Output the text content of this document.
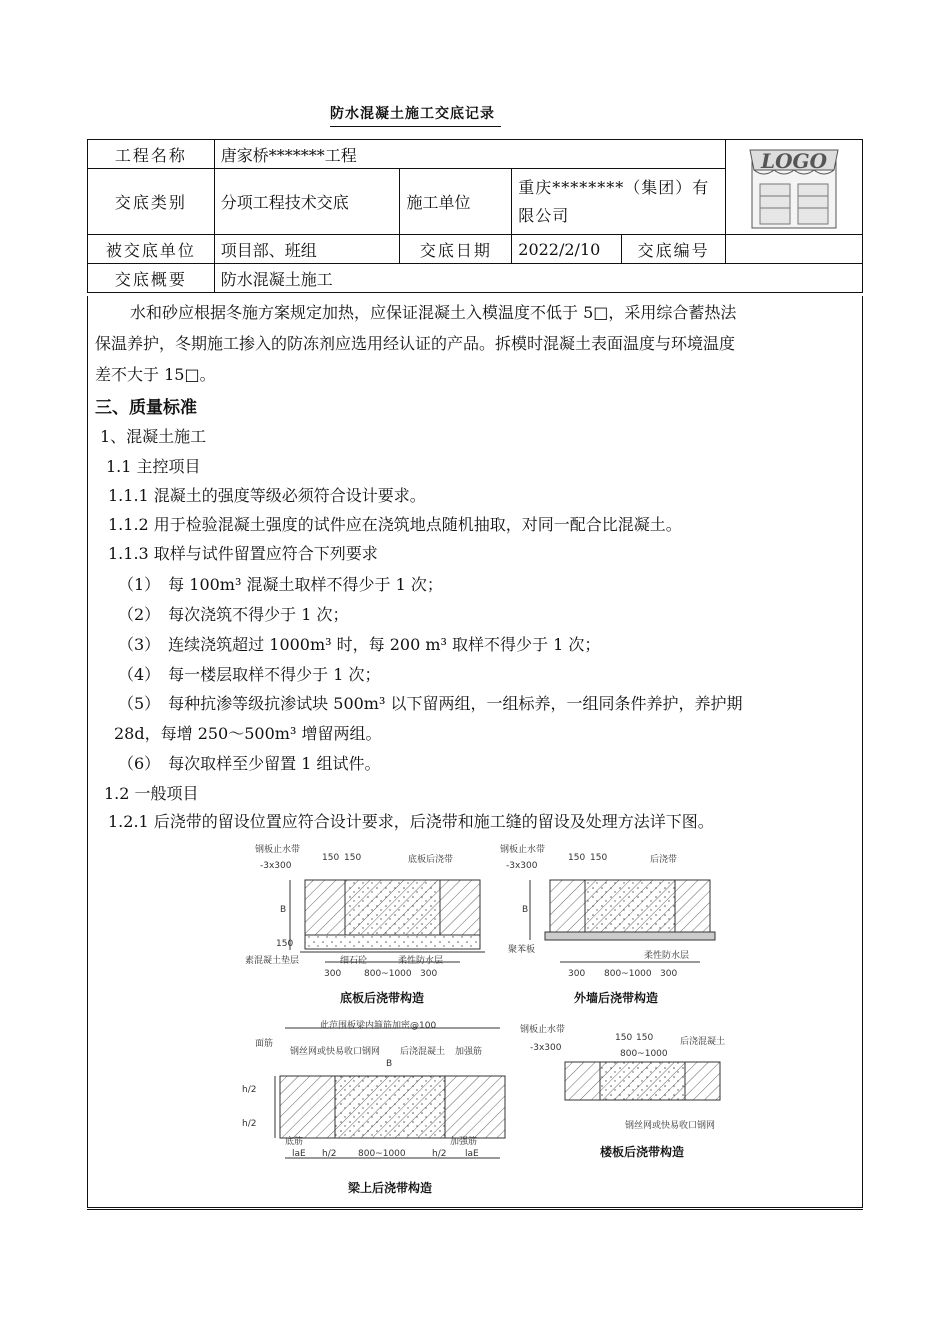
防水混凝土施工交底记录
工程名称	唐家桥*******工程				LOGO

交底类别	分项工程技术交底	施工单位	重庆********（集团）有
限公司		

被交底单位	项目部、班组	交底日期	2022/2/10	交底编号	
交底概要	防水混凝土施工				
水和砂应根据冬施方案规定加热，应保证混凝土入模温度不低于 5□，采用综合蓄热法
保温养护，冬期施工掺入的防冻剂应选用经认证的产品。拆模时混凝土表面温度与环境温度
差不大于 15□。
三、质量标准
1、混凝土施工
1.1 主控项目
1.1.1 混凝土的强度等级必须符合设计要求。
1.1.2 用于检验混凝土强度的试件应在浇筑地点随机抽取，对同一配合比混凝土。
1.1.3 取样与试件留置应符合下列要求
（1）　每 100m³ 混凝土取样不得少于 1 次；
（2）　每次浇筑不得少于 1 次；
（3）　连续浇筑超过 1000m³ 时，每 200 m³ 取样不得少于 1 次；
（4）　每一楼层取样不得少于 1 次；
（5）　每种抗渗等级抗渗试块 500m³ 以下留两组，一组标养，一组同条件养护，养护期
28d，每增 250～500m³ 增留两组。
（6）　每次取样至少留置 1 组试件。
1.2 一般项目
1.2.1 后浇带的留设位置应符合设计要求，后浇带和施工缝的留设及处理方法详下图。
钢板止水带
-3x300
150 150	底板后浇带
B
150
素混凝土垫层	细石砼	柔性防水层
300	800~1000 300
底板后浇带构造
钢板止水带
-3x300
150 150	后浇带
B
聚苯板
柔性防水层
300 800~1000 300
外墙后浇带构造
此范围板梁内箍筋加密@100
面筋
钢丝网或快易收口钢网 后浇混凝土 加强筋
B
h/2
h/2
底筋	加强筋
laE h/2 800~1000	h/2 laE
梁上后浇带构造
钢板止水带
-3x300
150 150	后浇混凝土
800~1000
钢丝网或快易收口钢网
楼板后浇带构造
